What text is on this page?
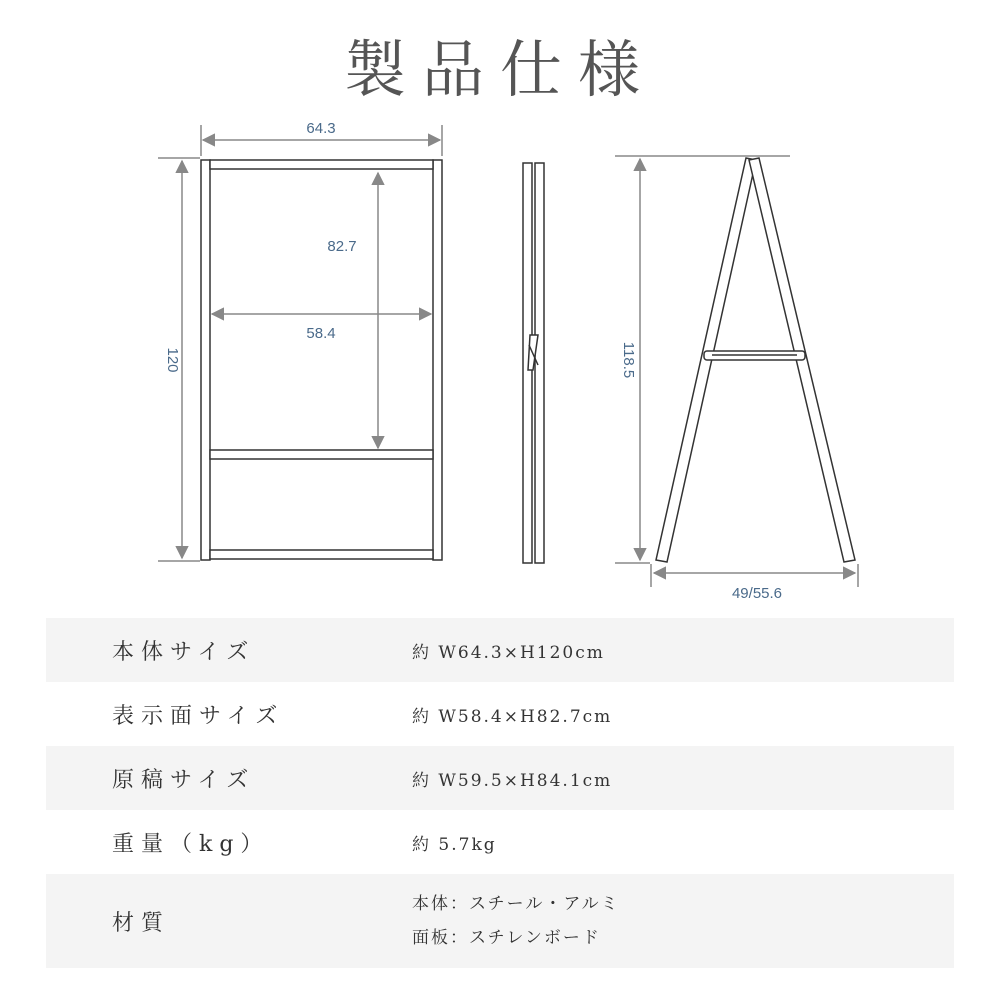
製品仕様
64.3
120
82.7
58.4
118.5
49/55.6
本体サイズ	約 W64.3×H120cm
表示面サイズ	約 W58.4×H82.7cm
原稿サイズ	約 W59.5×H84.1cm
重量（kg）	約 5.7kg
材質
本体：スチール・アルミ
面板：スチレンボード
